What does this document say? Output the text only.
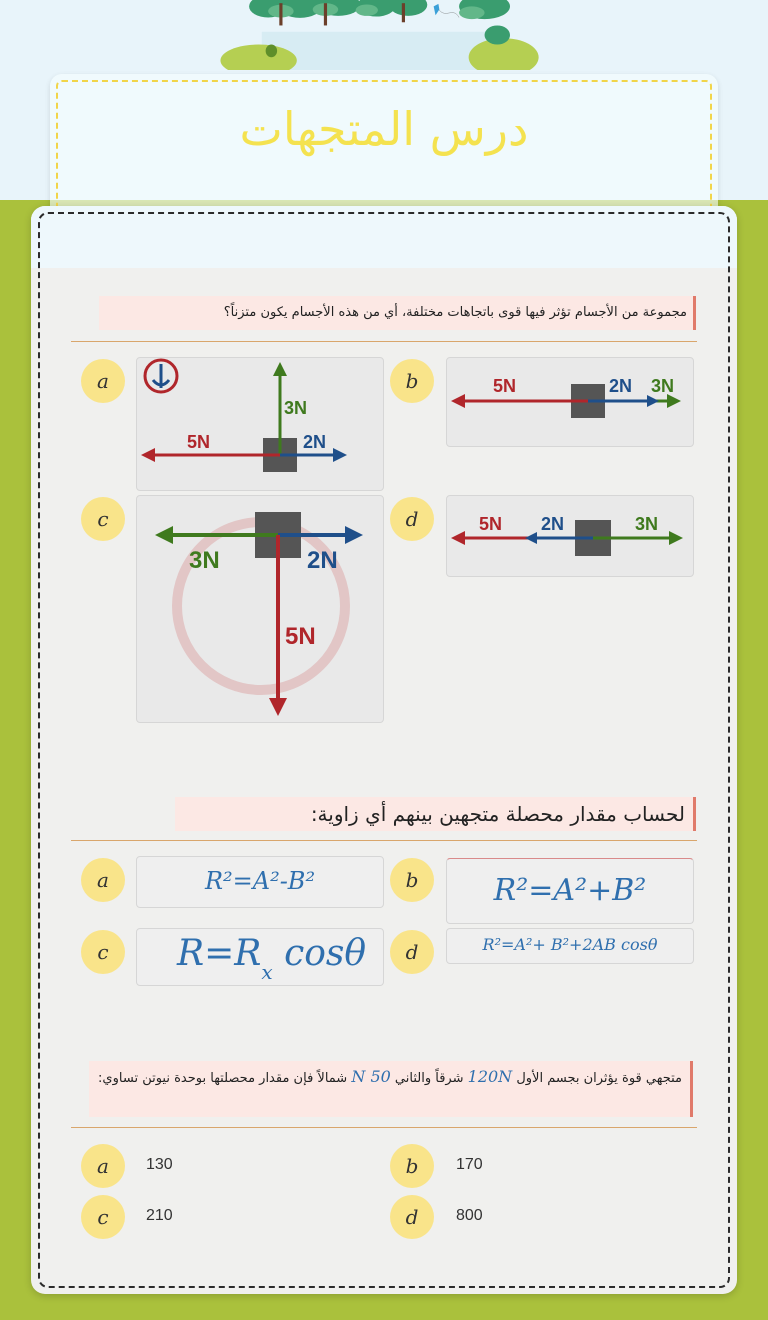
درس المتجهات
مجموعة من الأجسام تؤثر فيها قوى باتجاهات مختلفة، أي من هذه الأجسام يكون متزناً؟
a
3N
5N	2N
b	5N	2N 3N
c
3N	2N
5N
d	5N 2N	3N
لحساب مقدار محصلة متجهين بينهم أي زاوية:
a	R²=A²-B²	b	R²=A²+B²
c	$R=R_x$ cosθ	d	R²=A²+ B²+2AB cosθ
متجهي قوة يؤثران بجسم الأول 120N شرقاً والثاني 50 N شمالاً فإن مقدار محصلتها بوحدة نيوتن تساوي:
a	130	b	170
c	210	d	800
